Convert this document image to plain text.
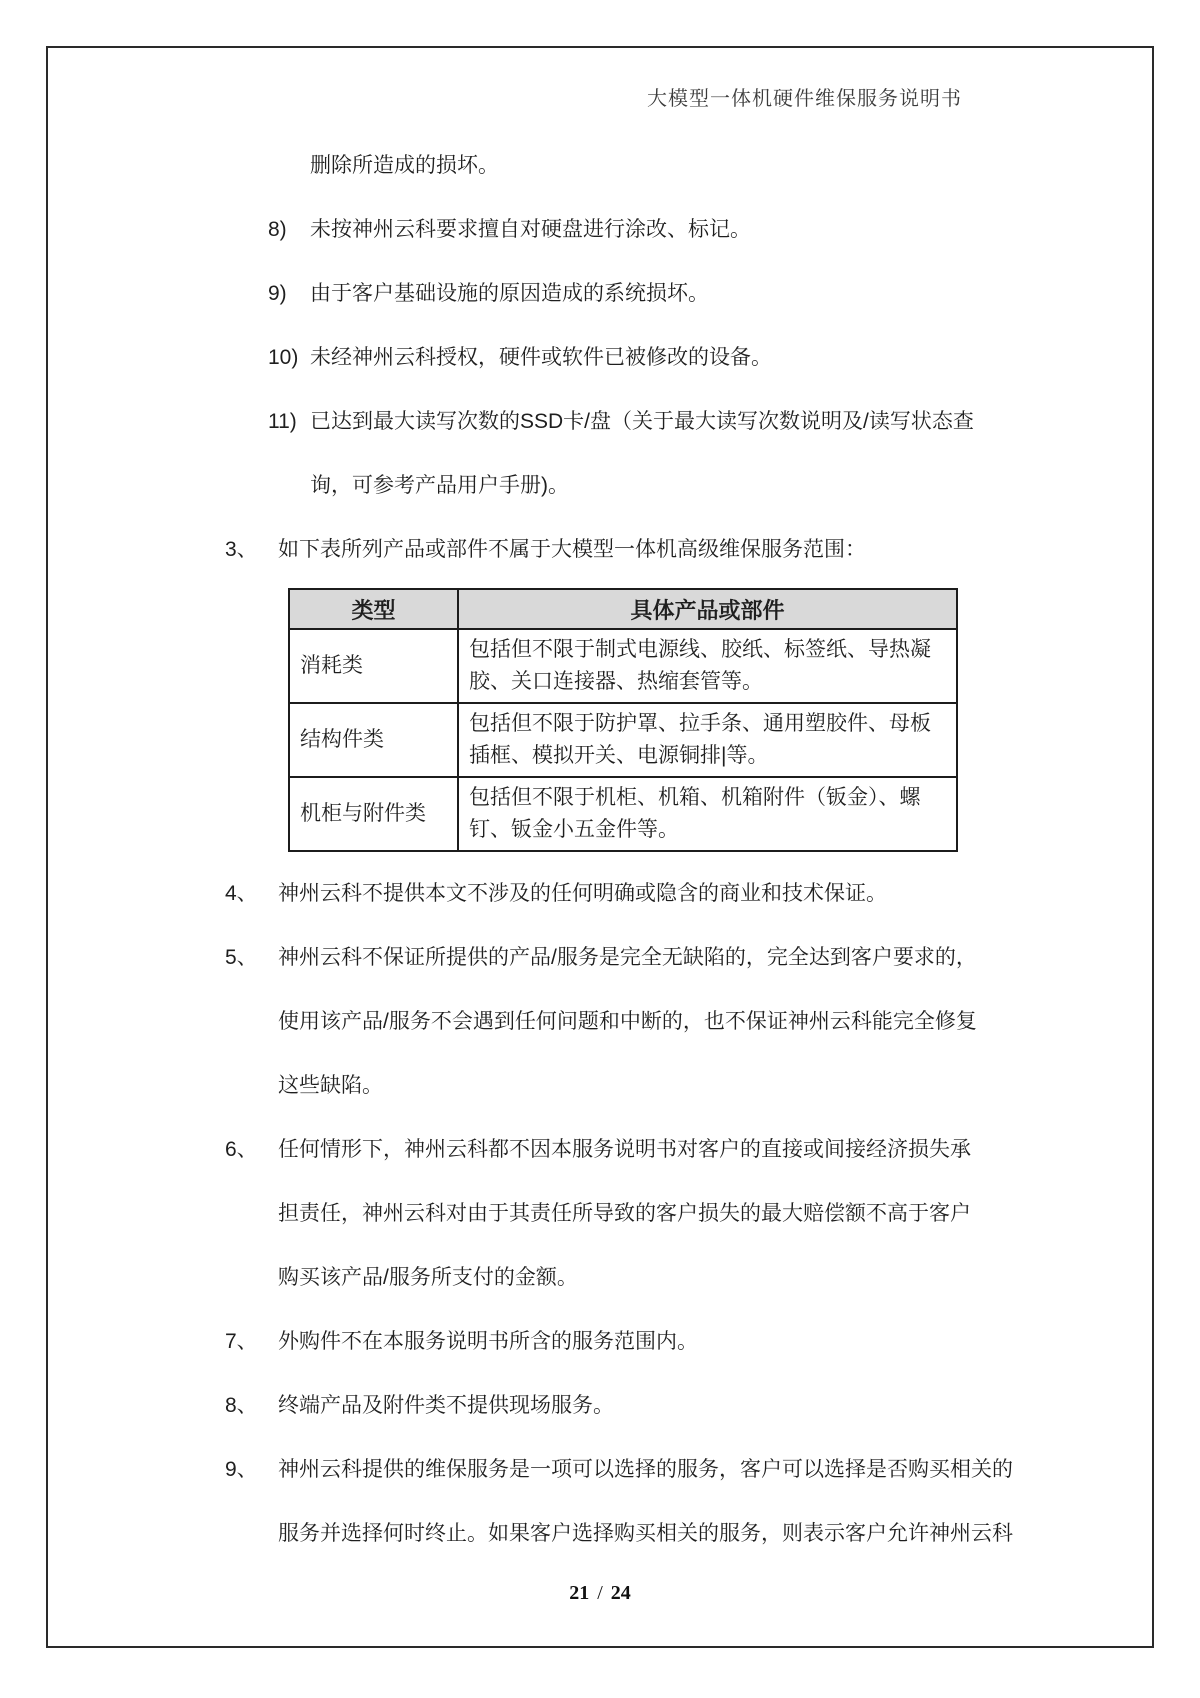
大模型一体机硬件维保服务说明书
删除所造成的损坏。
8) 未按神州云科要求擅自对硬盘进行涂改、标记。
9) 由于客户基础设施的原因造成的系统损坏。
10) 未经神州云科授权，硬件或软件已被修改的设备。
11) 已达到最大读写次数的SSD卡/盘（关于最大读写次数说明及/读写状态查
询，可参考产品用户手册)。
3、 如下表所列产品或部件不属于大模型一体机高级维保服务范围：
类型	具体产品或部件
消耗类	包括但不限于制式电源线、胶纸、标签纸、导热凝胶、关口连接器、热缩套管等。
结构件类	包括但不限于防护罩、拉手条、通用塑胶件、母板插框、模拟开关、电源铜排|等。
机柜与附件类	包括但不限于机柜、机箱、机箱附件（钣金）、螺钉、钣金小五金件等。
4、 神州云科不提供本文不涉及的任何明确或隐含的商业和技术保证。
5、 神州云科不保证所提供的产品/服务是完全无缺陷的，完全达到客户要求的，
使用该产品/服务不会遇到任何问题和中断的，也不保证神州云科能完全修复
这些缺陷。
6、 任何情形下，神州云科都不因本服务说明书对客户的直接或间接经济损失承
担责任，神州云科对由于其责任所导致的客户损失的最大赔偿额不高于客户
购买该产品/服务所支付的金额。
7、 外购件不在本服务说明书所含的服务范围内。
8、 终端产品及附件类不提供现场服务。
9、 神州云科提供的维保服务是一项可以选择的服务，客户可以选择是否购买相关的
服务并选择何时终止。如果客户选择购买相关的服务，则表示客户允许神州云科
21 / 24
